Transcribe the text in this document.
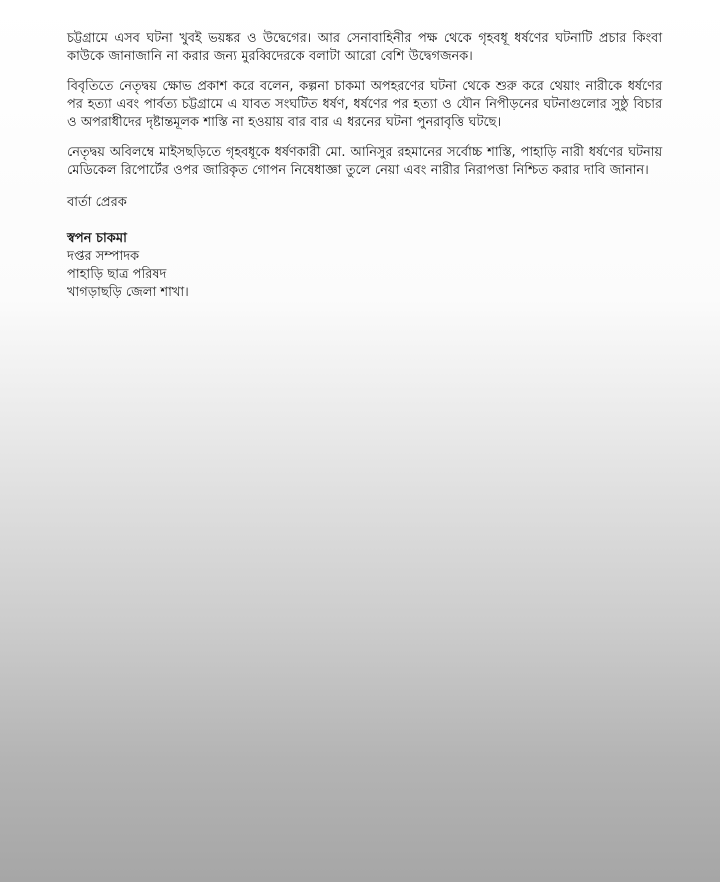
চট্টগ্রামে এসব ঘটনা খুবই ভয়ঙ্কর ও উদ্বেগের। আর সেনাবাহিনীর পক্ষ থেকে গৃহবধূ ধর্ষণের ঘটনাটি প্রচার কিংবা কাউকে জানাজানি না করার জন্য মুরব্বিদেরকে বলাটা আরো বেশি উদ্বেগজনক।

বিবৃতিতে নেতৃদ্বয় ক্ষোভ প্রকাশ করে বলেন, কল্পনা চাকমা অপহরণের ঘটনা থেকে শুরু করে থেয়াং নারীকে ধর্ষণের পর হত্যা এবং পার্বত্য চট্টগ্রামে এ যাবত সংঘটিত ধর্ষণ, ধর্ষণের পর হত্যা ও যৌন নিপীড়নের ঘটনাগুলোর সুষ্ঠু বিচার ও অপরাধীদের দৃষ্টান্তমূলক শাস্তি না হওয়ায় বার বার এ ধরনের ঘটনা পুনরাবৃত্তি ঘটছে।

নেতৃদ্বয় অবিলম্বে মাইসছড়িতে গৃহবধূকে ধর্ষণকারী মো. আনিসুর রহমানের সর্বোচ্চ শাস্তি, পাহাড়ি নারী ধর্ষণের ঘটনায় মেডিকেল রিপোর্টের ওপর জারিকৃত গোপন নিষেধাজ্ঞা তুলে নেয়া এবং নারীর নিরাপত্তা নিশ্চিত করার দাবি জানান।

বার্তা প্রেরক
স্বপন চাকমা
দপ্তর সম্পাদক
পাহাড়ি ছাত্র পরিষদ
খাগড়াছড়ি জেলা শাখা।
